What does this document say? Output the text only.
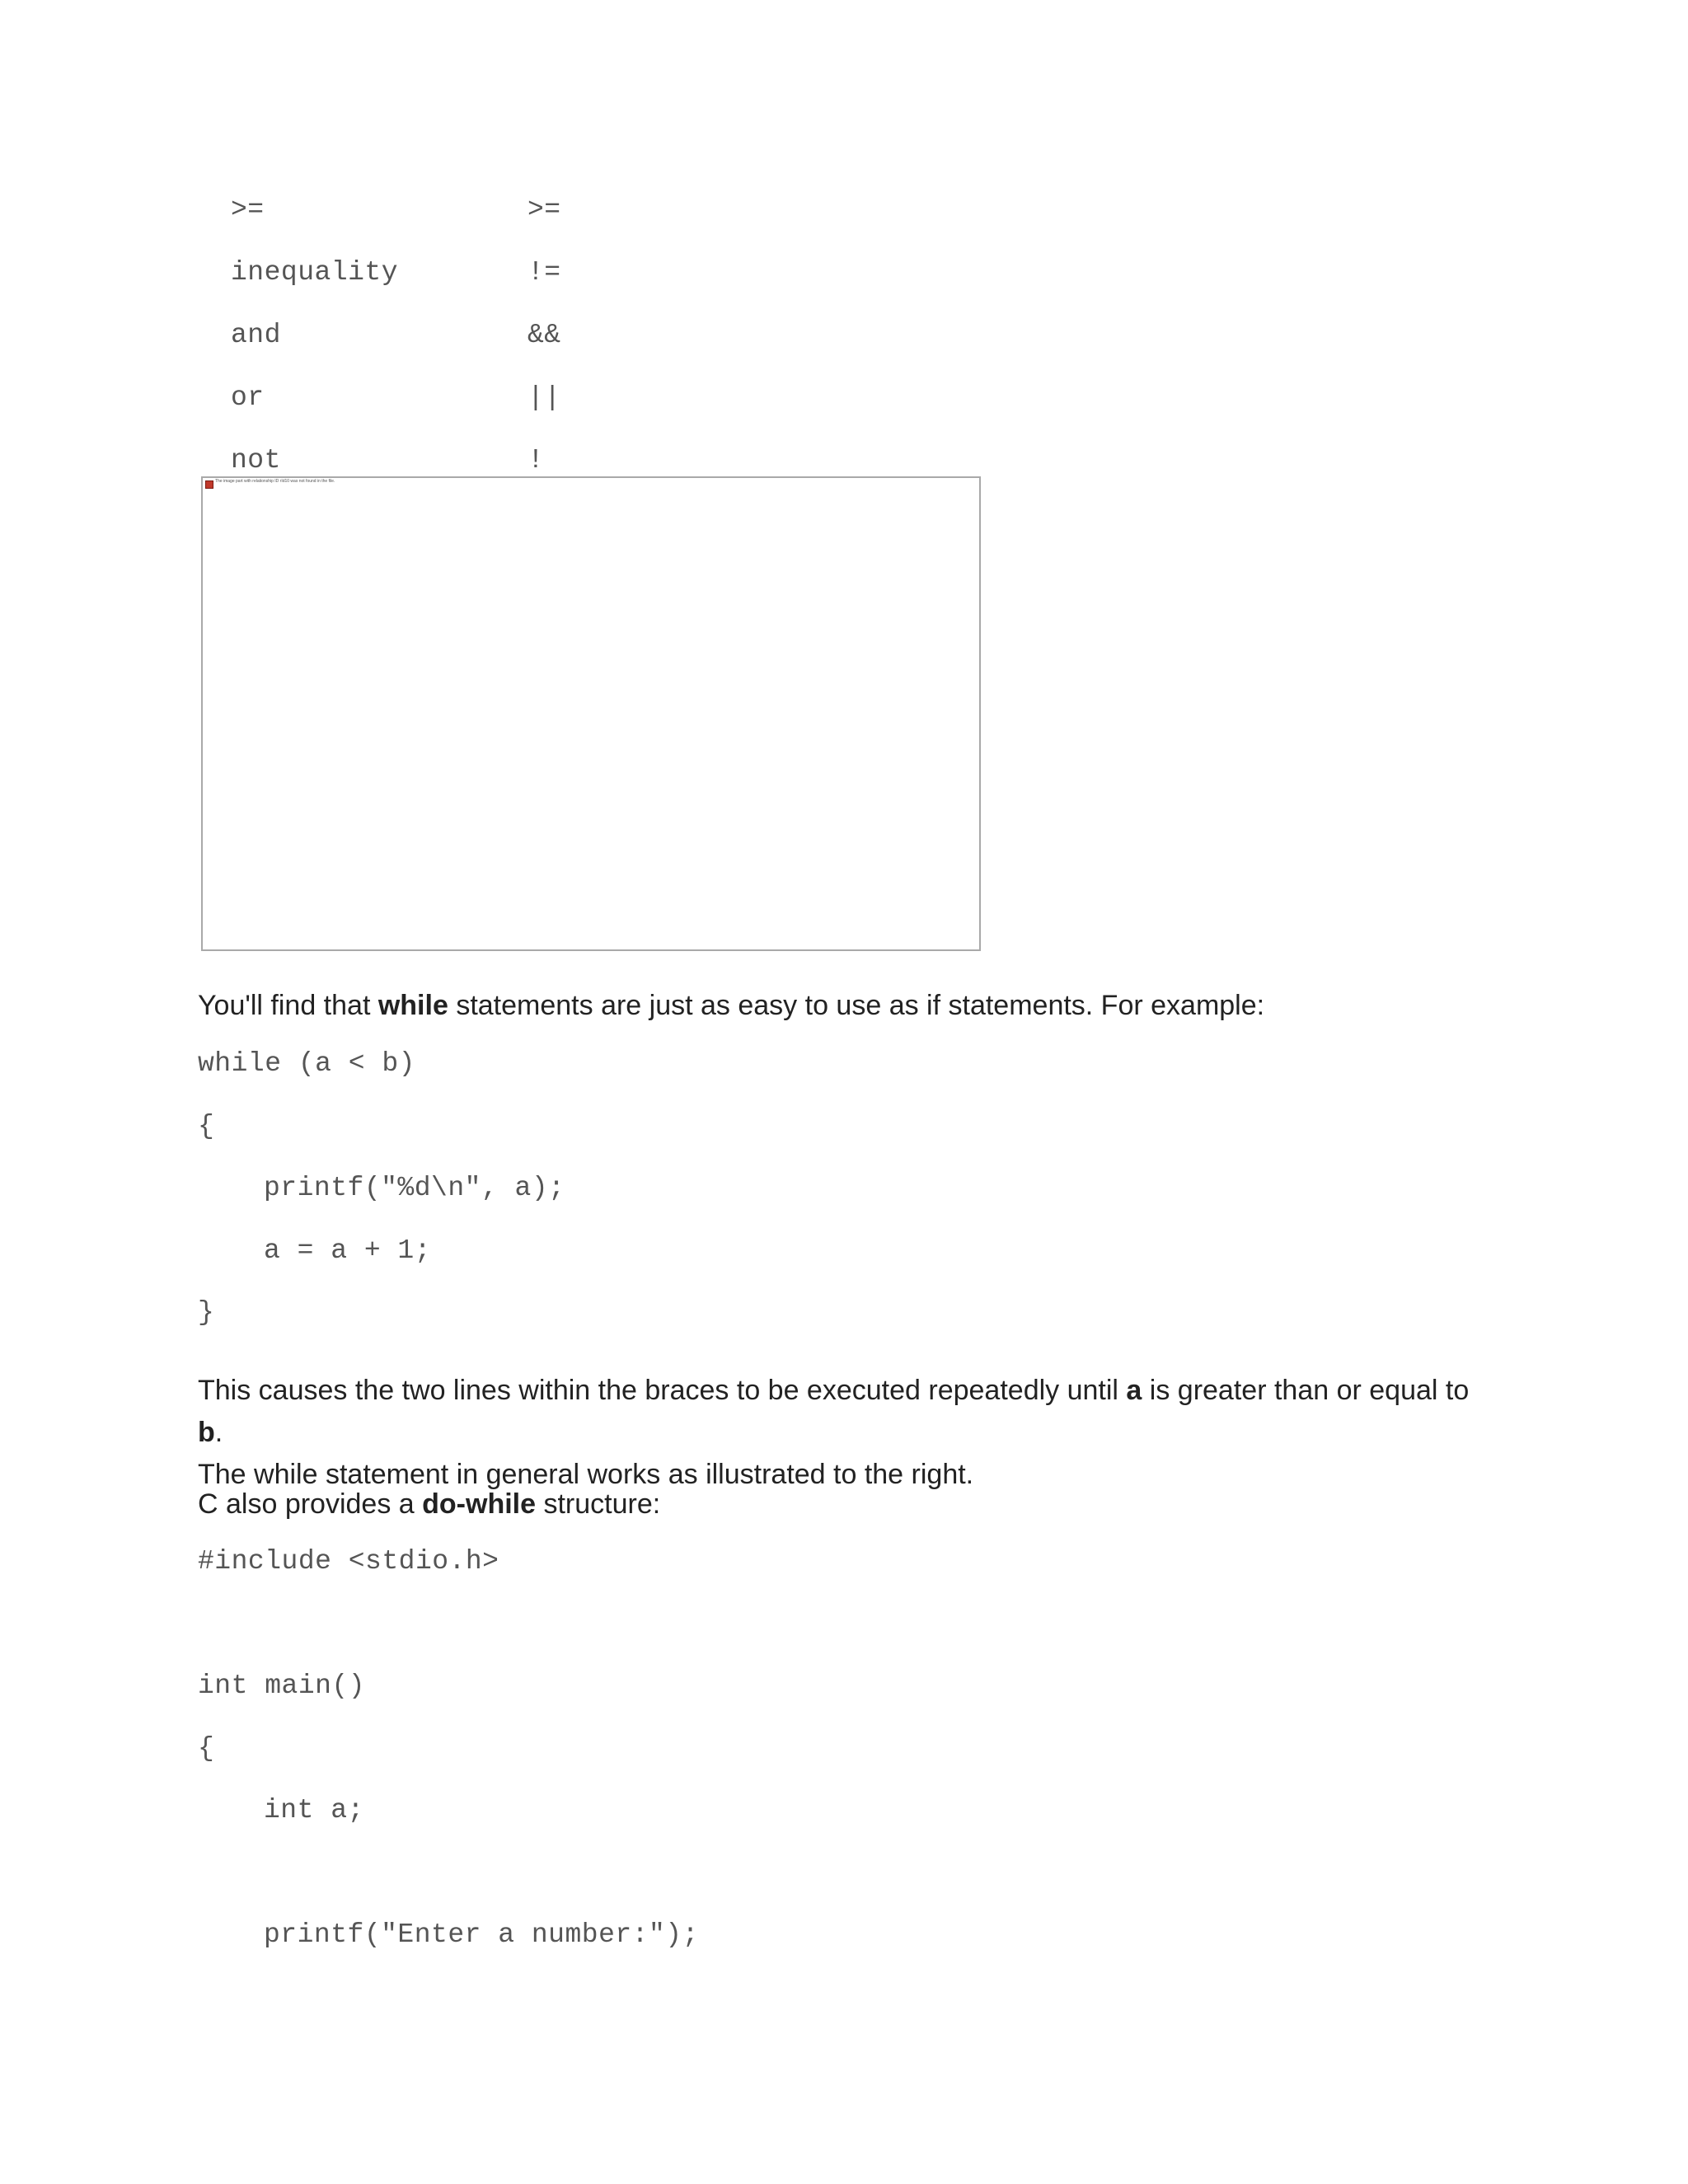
>=	>=
inequality	!=
and	&&
or	||
not	!
The image part with relationship ID rId10 was not found in the file.
You'll find that while statements are just as easy to use as if statements. For example:
while (a < b)
{
printf("%d\n", a);
a = a + 1;
}
This causes the two lines within the braces to be executed repeatedly until a is greater than or equal to b.
The while statement in general works as illustrated to the right.
C also provides a do-while structure:
#include <stdio.h>
int main()
{
int a;
printf("Enter a number:");
